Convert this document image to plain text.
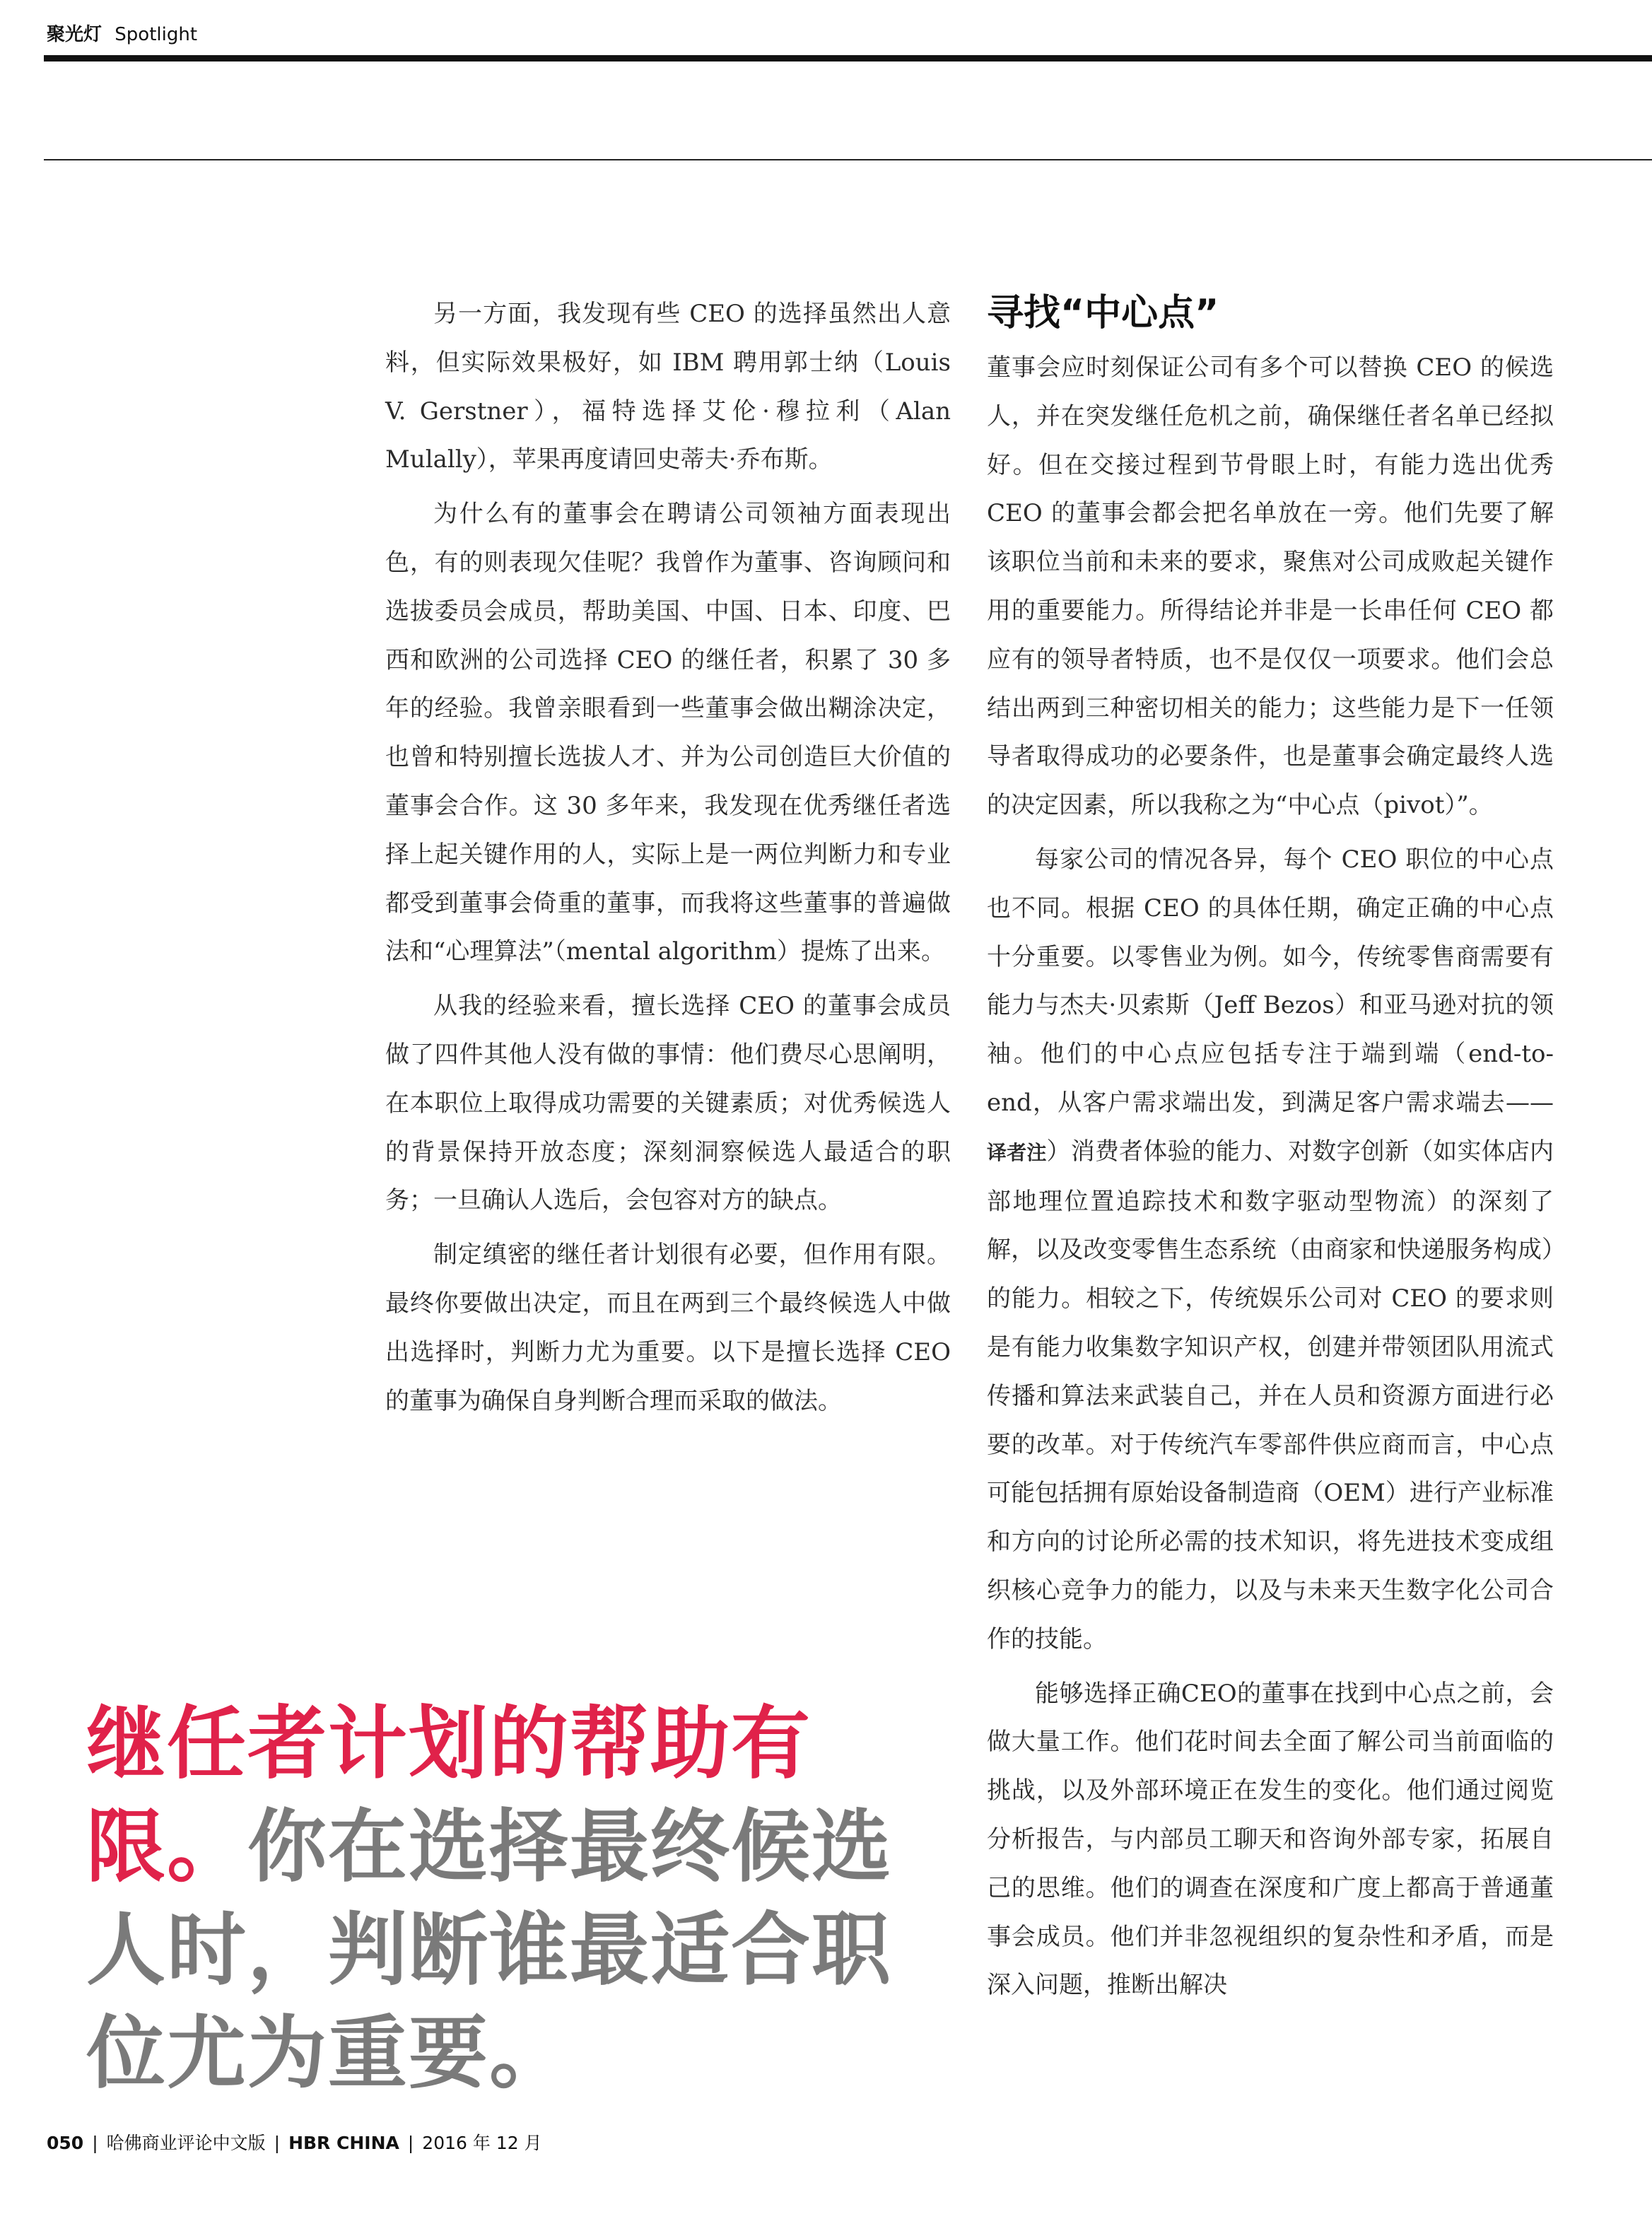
聚光灯 Spotlight

另一方面，我发现有些 CEO 的选择虽然出人意料，但实际效果极好，如 IBM 聘用郭士纳（Louis V. Gerstner），福特选择艾伦·穆拉利（Alan Mulally），苹果再度请回史蒂夫·乔布斯。

为什么有的董事会在聘请公司领袖方面表现出色，有的则表现欠佳呢？我曾作为董事、咨询顾问和选拔委员会成员，帮助美国、中国、日本、印度、巴西和欧洲的公司选择 CEO 的继任者，积累了 30 多年的经验。我曾亲眼看到一些董事会做出糊涂决定，也曾和特别擅长选拔人才、并为公司创造巨大价值的董事会合作。这 30 多年来，我发现在优秀继任者选择上起关键作用的人，实际上是一两位判断力和专业都受到董事会倚重的董事，而我将这些董事的普遍做法和“心理算法”（mental algorithm）提炼了出来。

从我的经验来看，擅长选择 CEO 的董事会成员做了四件其他人没有做的事情：他们费尽心思阐明，在本职位上取得成功需要的关键素质；对优秀候选人的背景保持开放态度；深刻洞察候选人最适合的职务；一旦确认人选后，会包容对方的缺点。

制定缜密的继任者计划很有必要，但作用有限。最终你要做出决定，而且在两到三个最终候选人中做出选择时，判断力尤为重要。以下是擅长选择 CEO 的董事为确保自身判断合理而采取的做法。

寻找“中心点”

董事会应时刻保证公司有多个可以替换 CEO 的候选人，并在突发继任危机之前，确保继任者名单已经拟好。但在交接过程到节骨眼上时，有能力选出优秀 CEO 的董事会都会把名单放在一旁。他们先要了解该职位当前和未来的要求，聚焦对公司成败起关键作用的重要能力。所得结论并非是一长串任何 CEO 都应有的领导者特质，也不是仅仅一项要求。他们会总结出两到三种密切相关的能力；这些能力是下一任领导者取得成功的必要条件，也是董事会确定最终人选的决定因素，所以我称之为“中心点（pivot）”。

每家公司的情况各异，每个 CEO 职位的中心点也不同。根据 CEO 的具体任期，确定正确的中心点十分重要。以零售业为例。如今，传统零售商需要有能力与杰夫·贝索斯（Jeff Bezos）和亚马逊对抗的领袖。他们的中心点应包括专注于端到端（end-to-end，从客户需求端出发，到满足客户需求端去——译者注）消费者体验的能力、对数字创新（如实体店内部地理位置追踪技术和数字驱动型物流）的深刻了解，以及改变零售生态系统（由商家和快递服务构成）的能力。相较之下，传统娱乐公司对 CEO 的要求则是有能力收集数字知识产权，创建并带领团队用流式传播和算法来武装自己，并在人员和资源方面进行必要的改革。对于传统汽车零部件供应商而言，中心点可能包括拥有原始设备制造商（OEM）进行产业标准和方向的讨论所必需的技术知识，将先进技术变成组织核心竞争力的能力，以及与未来天生数字化公司合作的技能。

能够选择正确CEO的董事在找到中心点之前，会做大量工作。他们花时间去全面了解公司当前面临的挑战，以及外部环境正在发生的变化。他们通过阅览分析报告，与内部员工聊天和咨询外部专家，拓展自己的思维。他们的调查在深度和广度上都高于普通董事会成员。他们并非忽视组织的复杂性和矛盾，而是深入问题，推断出解决

继任者计划的帮助有限。你在选择最终候选人时，判断谁最适合职位尤为重要。
050 | 哈佛商业评论中文版 | HBR CHINA | 2016 年 12 月
